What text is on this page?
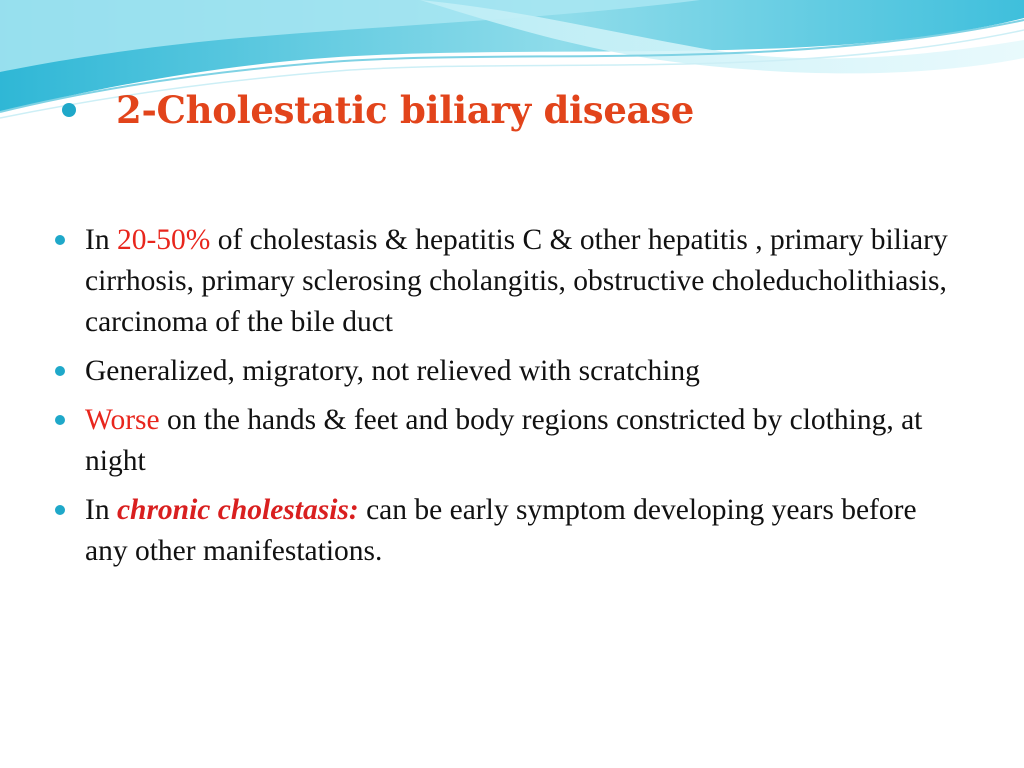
2-Cholestatic biliary disease
In 20-50% of cholestasis & hepatitis C & other hepatitis , primary biliary cirrhosis, primary sclerosing cholangitis, obstructive choleducholithiasis, carcinoma of the bile duct
Generalized, migratory, not relieved with scratching
Worse on the hands & feet and body regions constricted by clothing, at night
In chronic cholestasis: can be early symptom developing years before any other manifestations.
